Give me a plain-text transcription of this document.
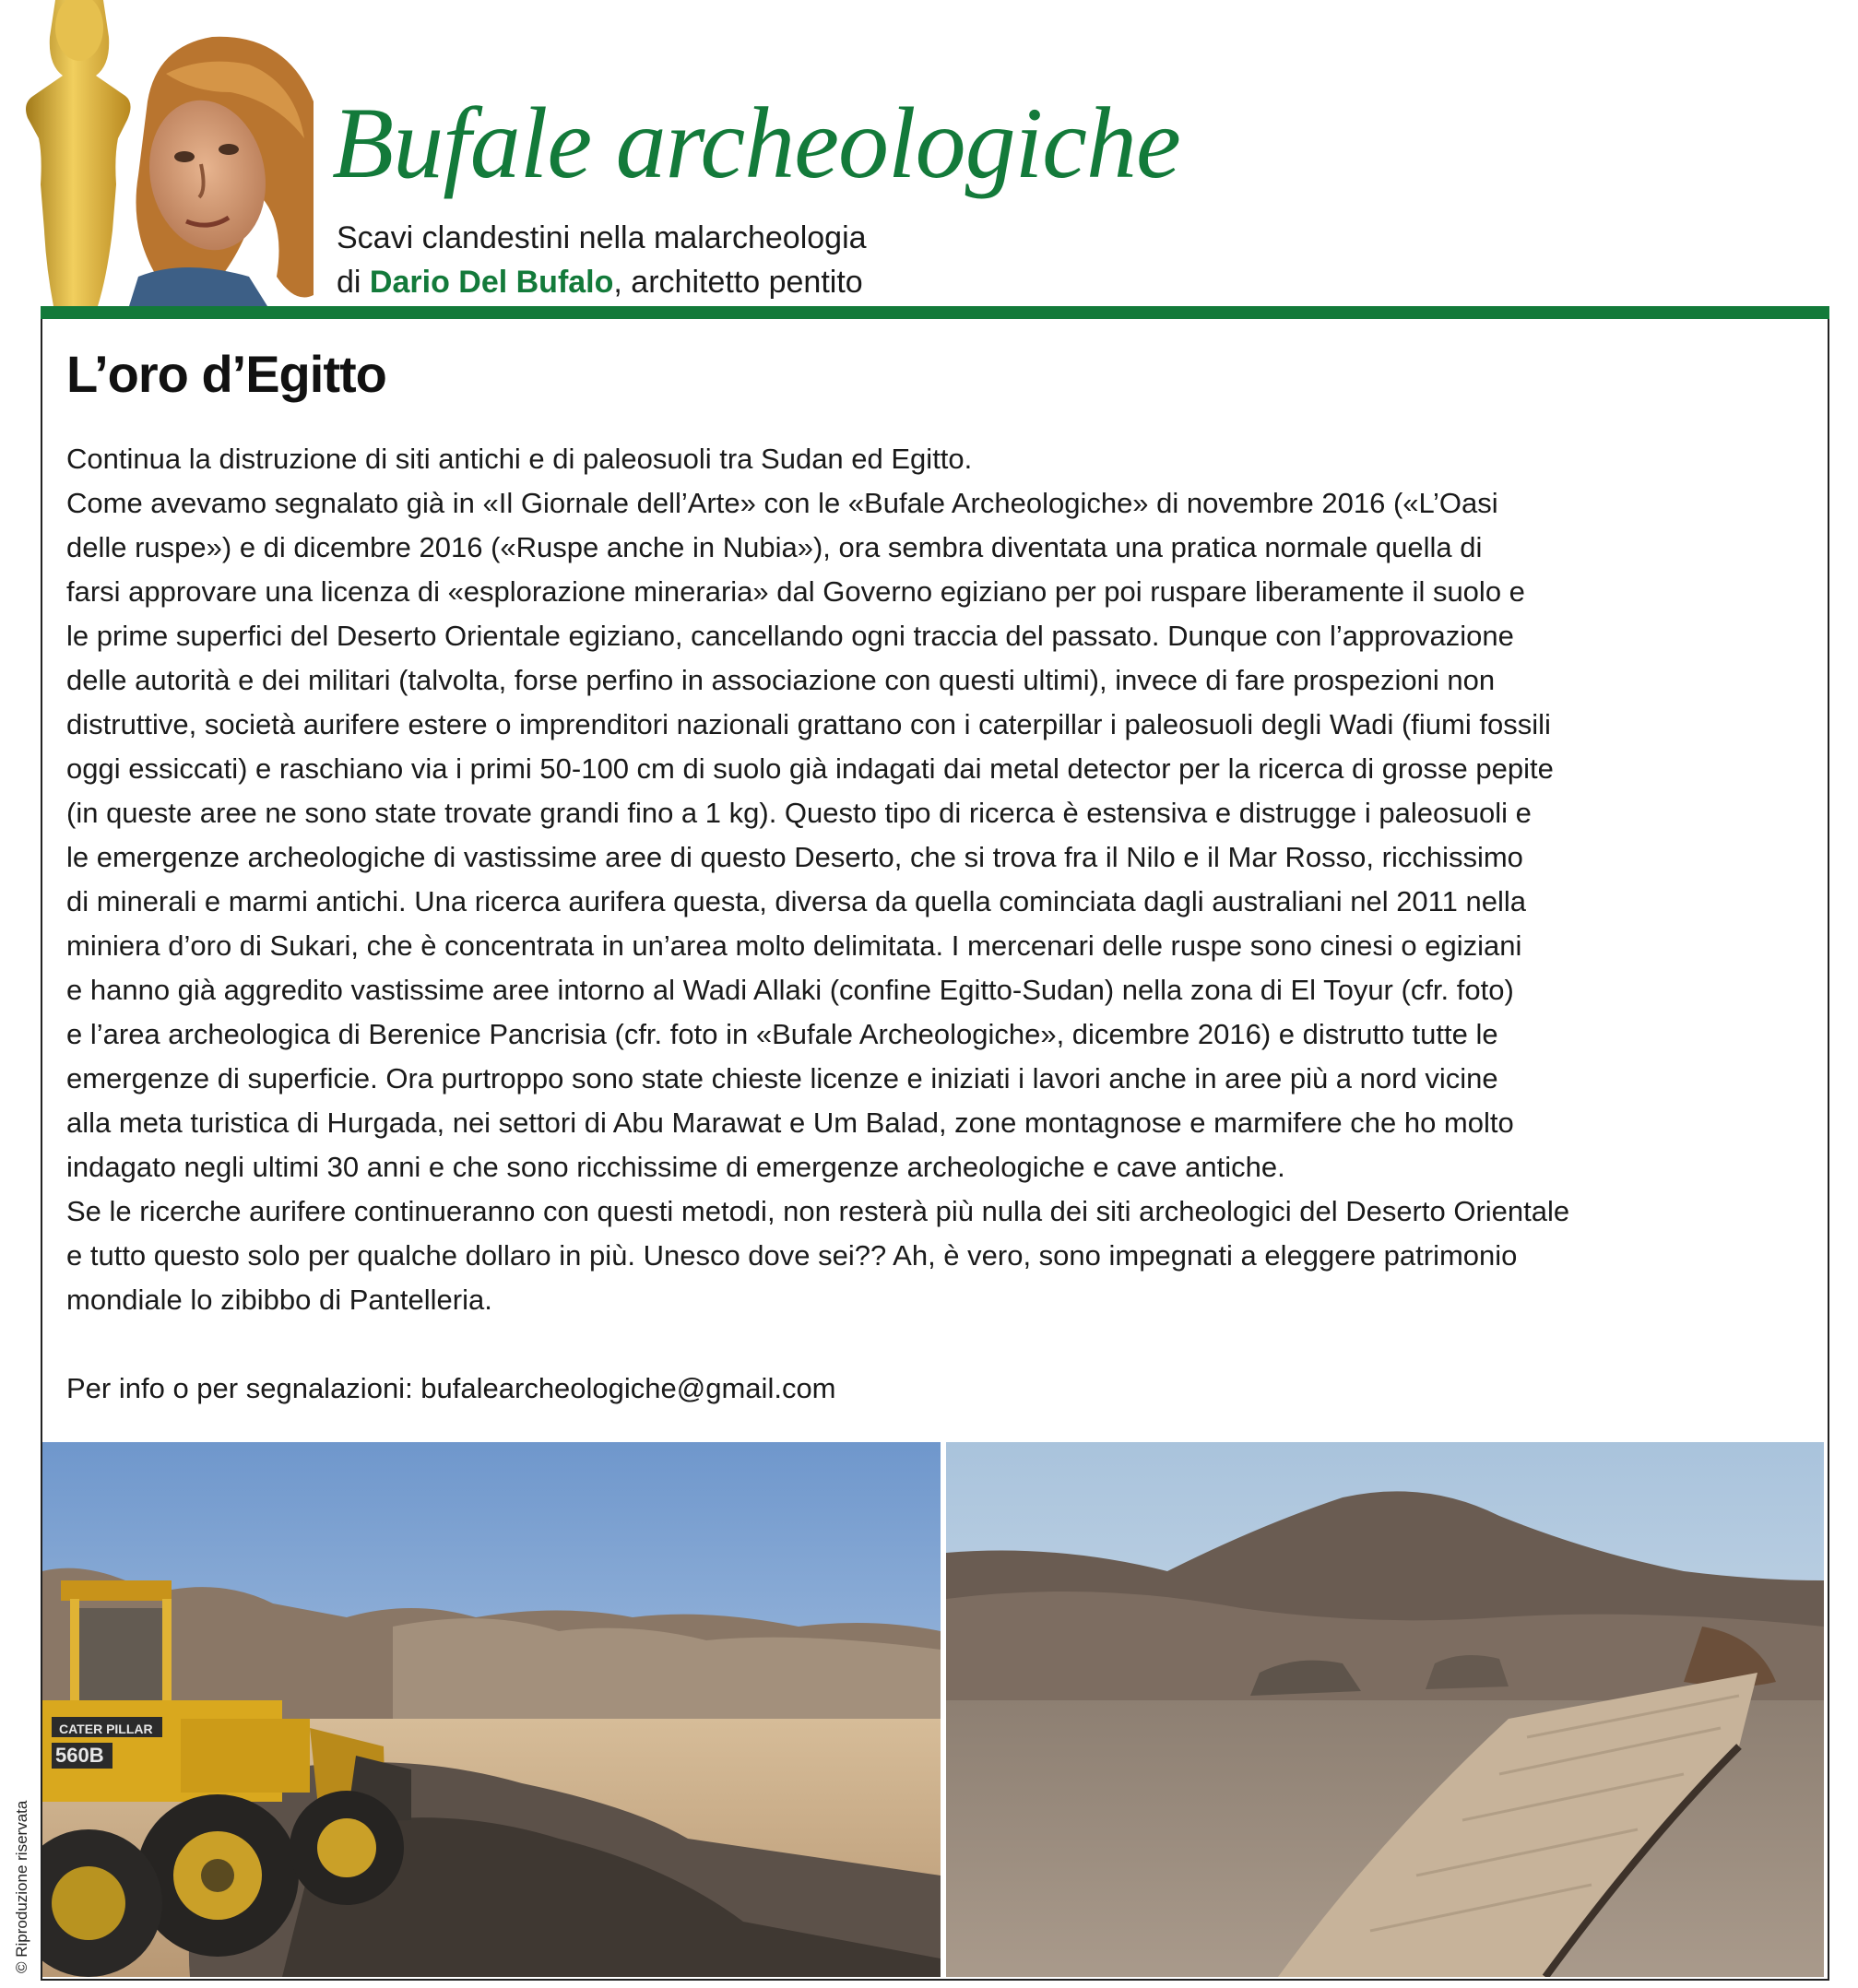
Bufale archeologiche
Scavi clandestini nella malarcheologia
di Dario Del Bufalo, architetto pentito
L’oro d’Egitto
Continua la distruzione di siti antichi e di paleosuoli tra Sudan ed Egitto.
Come avevamo segnalato già in «Il Giornale dell’Arte» con le «Bufale Archeologiche» di novembre 2016 («L’Oasi
delle ruspe») e di dicembre 2016 («Ruspe anche in Nubia»), ora sembra diventata una pratica normale quella di
farsi approvare una licenza di «esplorazione mineraria» dal Governo egiziano per poi ruspare liberamente il suolo e
le prime superfici del Deserto Orientale egiziano, cancellando ogni traccia del passato. Dunque con l’approvazione
delle autorità e dei militari (talvolta, forse perfino in associazione con questi ultimi), invece di fare prospezioni non
distruttive, società aurifere estere o imprenditori nazionali grattano con i caterpillar i paleosuoli degli Wadi (fiumi fossili
oggi essiccati) e raschiano via i primi 50-100 cm di suolo già indagati dai metal detector per la ricerca di grosse pepite
(in queste aree ne sono state trovate grandi fino a 1 kg). Questo tipo di ricerca è estensiva e distrugge i paleosuoli e
le emergenze archeologiche di vastissime aree di questo Deserto, che si trova fra il Nilo e il Mar Rosso, ricchissimo
di minerali e marmi antichi. Una ricerca aurifera questa, diversa da quella cominciata dagli australiani nel 2011 nella
miniera d’oro di Sukari, che è concentrata in un’area molto delimitata. I mercenari delle ruspe sono cinesi o egiziani
e hanno già aggredito vastissime aree intorno al Wadi Allaki (confine Egitto-Sudan) nella zona di El Toyur (cfr. foto)
e l’area archeologica di Berenice Pancrisia (cfr. foto in «Bufale Archeologiche», dicembre 2016) e distrutto tutte le
emergenze di superficie. Ora purtroppo sono state chieste licenze e iniziati i lavori anche in aree più a nord vicine
alla meta turistica di Hurgada, nei settori di Abu Marawat e Um Balad, zone montagnose e marmifere che ho molto
indagato negli ultimi 30 anni e che sono ricchissime di emergenze archeologiche e cave antiche.
Se le ricerche aurifere continueranno con questi metodi, non resterà più nulla dei siti archeologici del Deserto Orientale
e tutto questo solo per qualche dollaro in più. Unesco dove sei?? Ah, è vero, sono impegnati a eleggere patrimonio
mondiale lo zibibbo di Pantelleria.
Per info o per segnalazioni: bufalearcheologiche@gmail.com
CATER PILLAR
560B
© Riproduzione riservata
